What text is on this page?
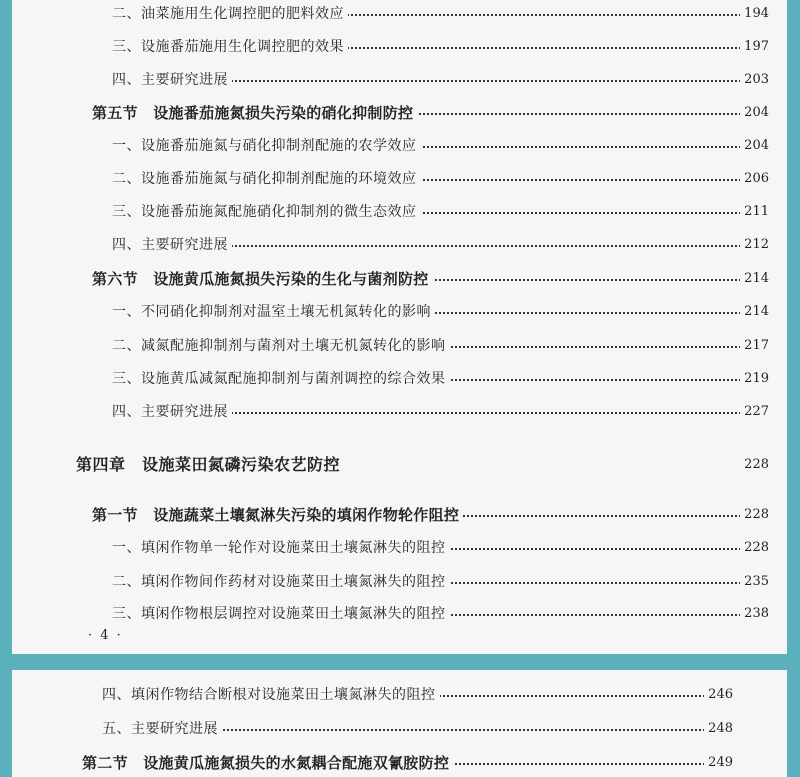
二、油菜施用生化调控肥的肥料效应	194
三、设施番茄施用生化调控肥的效果	197
四、主要研究进展	203
第五节　设施番茄施氮损失污染的硝化抑制防控	204
一、设施番茄施氮与硝化抑制剂配施的农学效应	204
二、设施番茄施氮与硝化抑制剂配施的环境效应	206
三、设施番茄施氮配施硝化抑制剂的微生态效应	211
四、主要研究进展	212
第六节　设施黄瓜施氮损失污染的生化与菌剂防控	214
一、不同硝化抑制剂对温室土壤无机氮转化的影响	214
二、减氮配施抑制剂与菌剂对土壤无机氮转化的影响	217
三、设施黄瓜减氮配施抑制剂与菌剂调控的综合效果	219
四、主要研究进展	227
第四章　设施菜田氮磷污染农艺防控	228
第一节　设施蔬菜土壤氮淋失污染的填闲作物轮作阻控	228
一、填闲作物单一轮作对设施菜田土壤氮淋失的阻控	228
二、填闲作物间作药材对设施菜田土壤氮淋失的阻控	235
三、填闲作物根层调控对设施菜田土壤氮淋失的阻控	238
· 4 ·
四、填闲作物结合断根对设施菜田土壤氮淋失的阻控	246
五、主要研究进展	248
第二节　设施黄瓜施氮损失的水氮耦合配施双氰胺防控	249
